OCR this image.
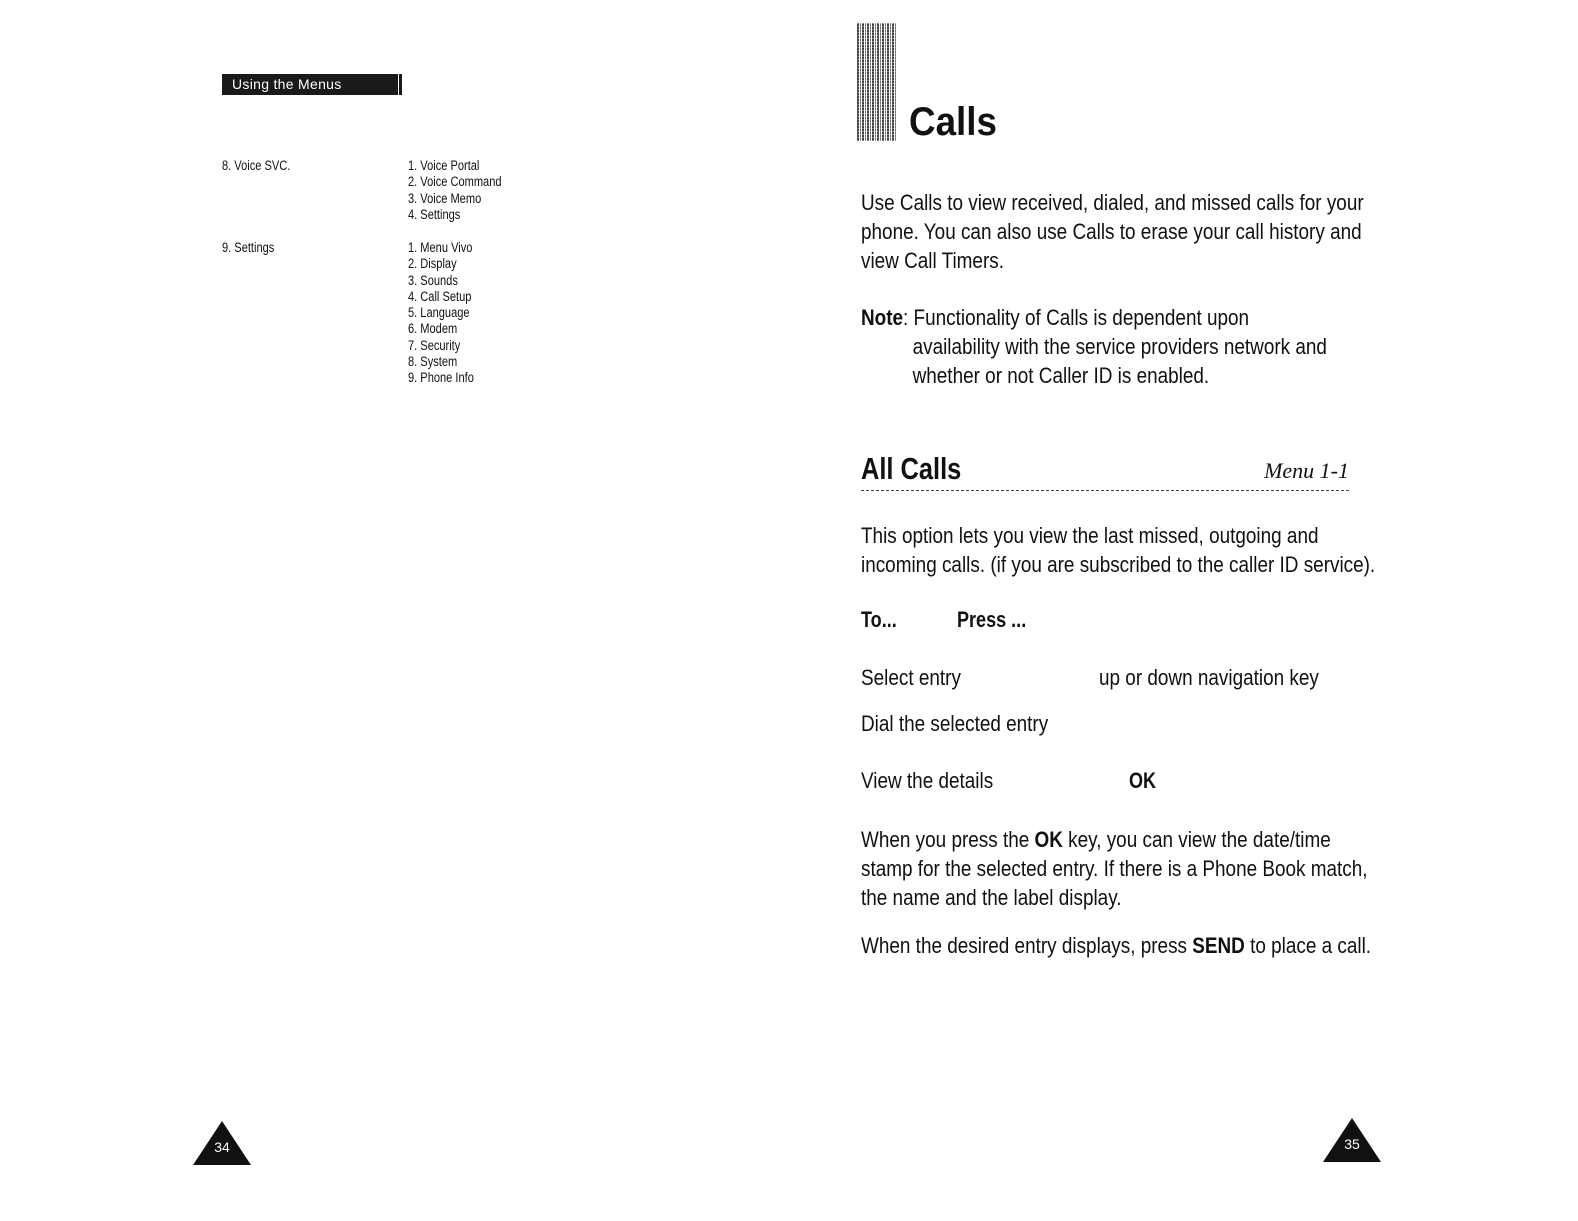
Using the Menus
8. Voice SVC.	1. Voice Portal
2. Voice Command
3. Voice Memo
4. Settings
9. Settings	1. Menu Vivo
2. Display
3. Sounds
4. Call Setup
5. Language
6. Modem
7. Security
8. System
9. Phone Info
34
Calls

Use Calls to view received, dialed, and missed calls for your phone. You can also use Calls to erase your call history and view Call Timers.

Note: Functionality of Calls is dependent upon
availability with the service providers network and whether or not Caller ID is enabled.

All Calls	Menu 1-1

This option lets you view the last missed, outgoing and incoming calls. (if you are subscribed to the caller ID service).

To...	Press ...
Select entry	up or down navigation key
Dial the selected entry
View the details	OK

When you press the OK key, you can view the date/time stamp for the selected entry. If there is a Phone Book match, the name and the label display.

When the desired entry displays, press SEND to place a call.

35
